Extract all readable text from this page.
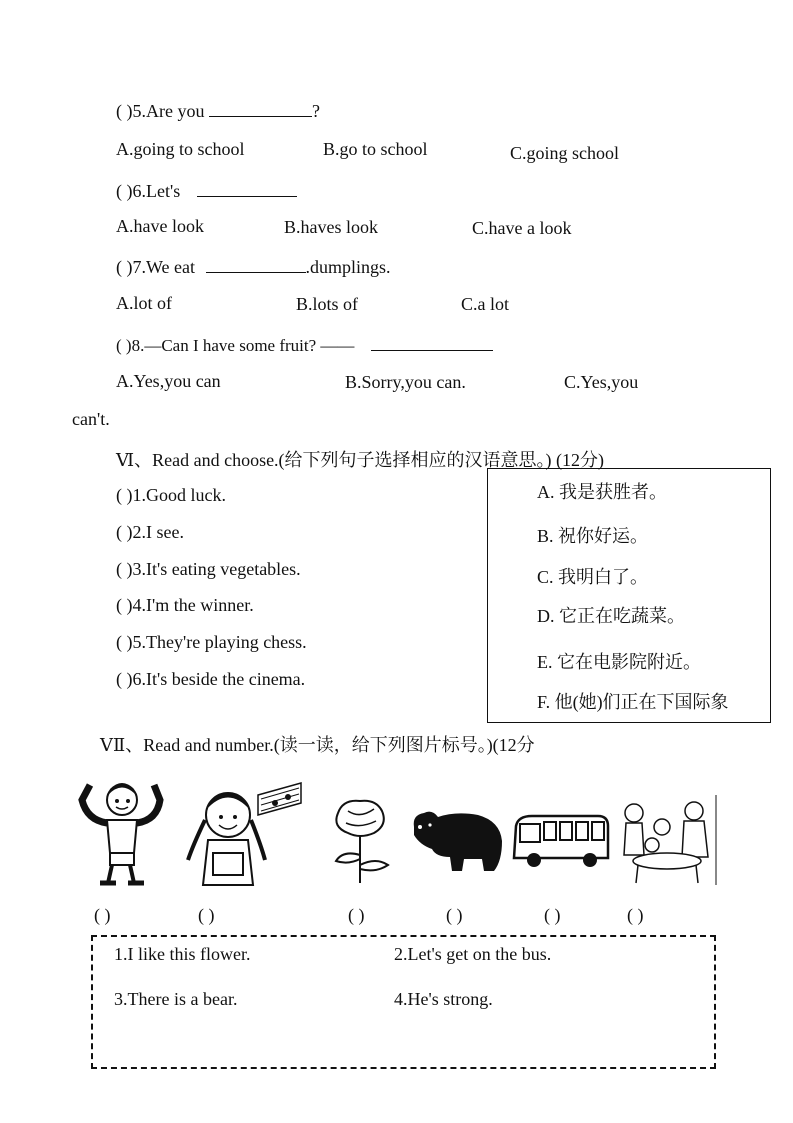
( )5.Are you	?
A.going to school	B.go to school	C.going school
( )6.Let's
A.have look	B.haves look	C.have a look
( )7.We eat	.dumplings.
A.lot of	B.lots of	C.a lot
( )8.—Can I have some fruit? ——
A.Yes,you can	B.Sorry,you can.	C.Yes,you
can't.
Ⅵ、Read and choose.(给下列句子选择相应的汉语意思。) (12分)
( )1.Good luck.
( )2.I see.
( )3.It's eating vegetables.
( )4.I'm the winner.
( )5.They're playing chess.
( )6.It's beside the cinema.
A. 我是获胜者。
B. 祝你好运。
C. 我明白了。
D. 它正在吃蔬菜。
E. 它在电影院附近。
F. 他(她)们正在下国际象
ⅤⅡ、Read and number.(读一读，给下列图片标号。)(12分
( )	( )	( )	( )	( )	( )
1.I like this flower.	2.Let's get on the bus.
3.There is a bear.	4.He's strong.
